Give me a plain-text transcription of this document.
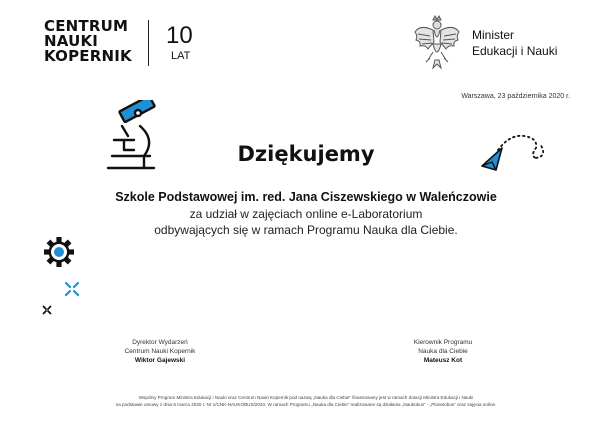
CENTRUM
NAUKI
KOPERNIK
10
LAT
Minister
Edukacji i Nauki
Warszawa, 23 października 2020 r.
Dziękujemy
Szkole Podstawowej im. red. Jana Ciszewskiego w Waleńczowie
za udział w zajęciach online e-Laboratorium
odbywających się w ramach Programu Nauka dla Ciebie.
Dyrektor Wydarzeń
Centrum Nauki Kopernik
Wiktor Gajewski
Kierownik Programu
Nauka dla Ciebie
Mateusz Kot
Wspólny Program Ministra Edukacji i Nauki oraz Centrum Nauki Kopernik pod nazwą „Nauka dla Ciebie” finansowany jest w ramach dotacji Ministra Edukacji i Nauki
na podstawie umowy z dnia 6 marca 2020 r. Nr 1/CNK-NAUKOBUS/2020. W ramach Programu „Nauka dla Ciebie” realizowane są działania „Naukobus” - „Planetobus” oraz zajęcia online.
